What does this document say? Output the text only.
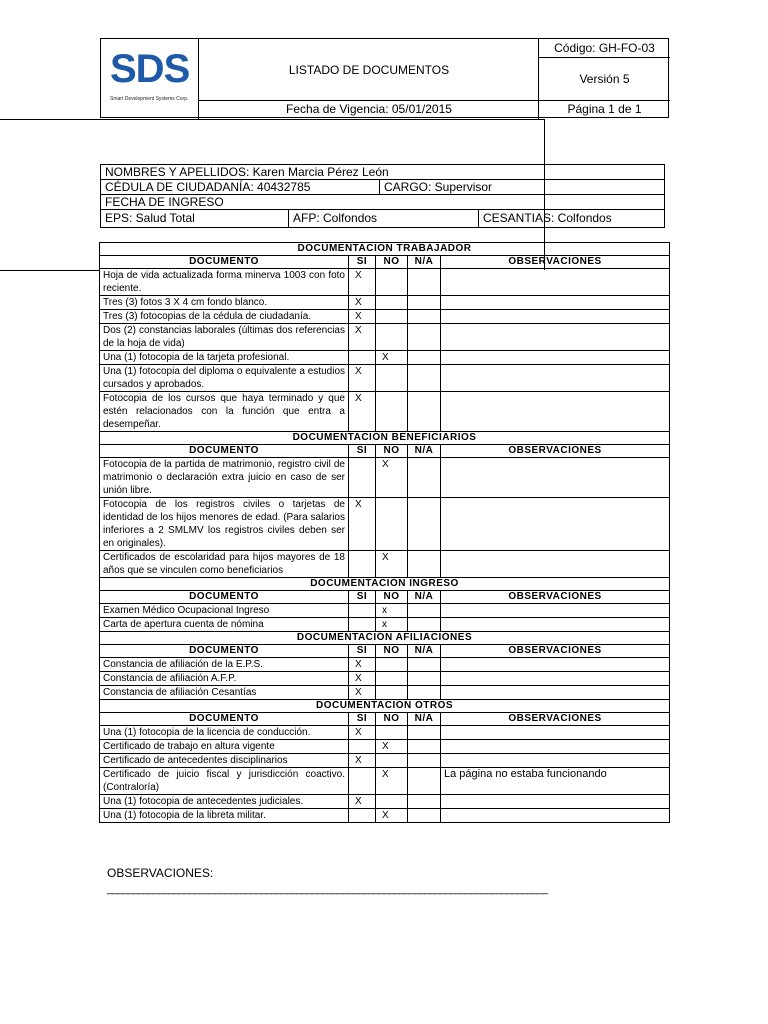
SDS
Smart Development Systems Corp.
LISTADO DE DOCUMENTOS
Fecha de Vigencia: 05/01/2015
Código: GH-FO-03
Versión 5
Página 1 de 1
NOMBRES Y APELLIDOS: Karen Marcia Pérez León
CÉDULA DE CIUDADANÍA: 40432785	CARGO: Supervisor
FECHA DE INGRESO
EPS: Salud Total	AFP: Colfondos	CESANTIAS: Colfondos
DOCUMENTACIÓN TRABAJADOR				
DOCUMENTO	SI	NO	N/A	OBSERVACIONES
Hoja de vida actualizada forma minerva 1003 con foto reciente.	X			
Tres (3) fotos 3 X 4 cm fondo blanco.	X			
Tres (3) fotocopias de la cédula de ciudadanía.	X			
Dos (2) constancias laborales (últimas dos referencias de la hoja de vida)	X			
Una (1) fotocopia de la tarjeta profesional.		X		
Una (1) fotocopia del diploma o equivalente a estudios cursados y aprobados.	X			
Fotocopia de los cursos que haya terminado y que estén relacionados con la función que entra a desempeñar.	X			
DOCUMENTACIÓN BENEFICIARIOS				
DOCUMENTO	SI	NO	N/A	OBSERVACIONES
Fotocopia de la partida de matrimonio, registro civil de matrimonio o declaración extra juicio en caso de ser unión libre.		X		
Fotocopia de los registros civiles o tarjetas de identidad de los hijos menores de edad. (Para salarios inferiores a 2 SMLMV los registros civiles deben ser en originales).	X			
Certificados de escolaridad para hijos mayores de 18 años que se vinculen como beneficiarios		X		
DOCUMENTACIÓN INGRESO				
DOCUMENTO	SI	NO	N/A	OBSERVACIONES
Examen Médico Ocupacional Ingreso		x		
Carta de apertura cuenta de nómina		x		
DOCUMENTACIÓN AFILIACIÓNES				
DOCUMENTO	SI	NO	N/A	OBSERVACIONES
Constancia de afiliación de la E.P.S.	X			
Constancia de afiliación A.F.P.	X			
Constancia de afiliación Cesantías	X			
DOCUMENTACIÓN OTROS				
DOCUMENTO	SI	NO	N/A	OBSERVACIONES
Una (1) fotocopia de la licencia de conducción.	X			
Certificado de trabajo en altura vigente		X		
Certificado de antecedentes disciplinarios	X			
Certificado de juicio fiscal y jurisdicción coactivo.(Contraloría)		X		La página no estaba funcionando
Una (1) fotocopia de antecedentes judiciales.	X			
Una (1) fotocopia de la libreta militar.		X		
OBSERVACIONES:
______________________________________________________________________________________
